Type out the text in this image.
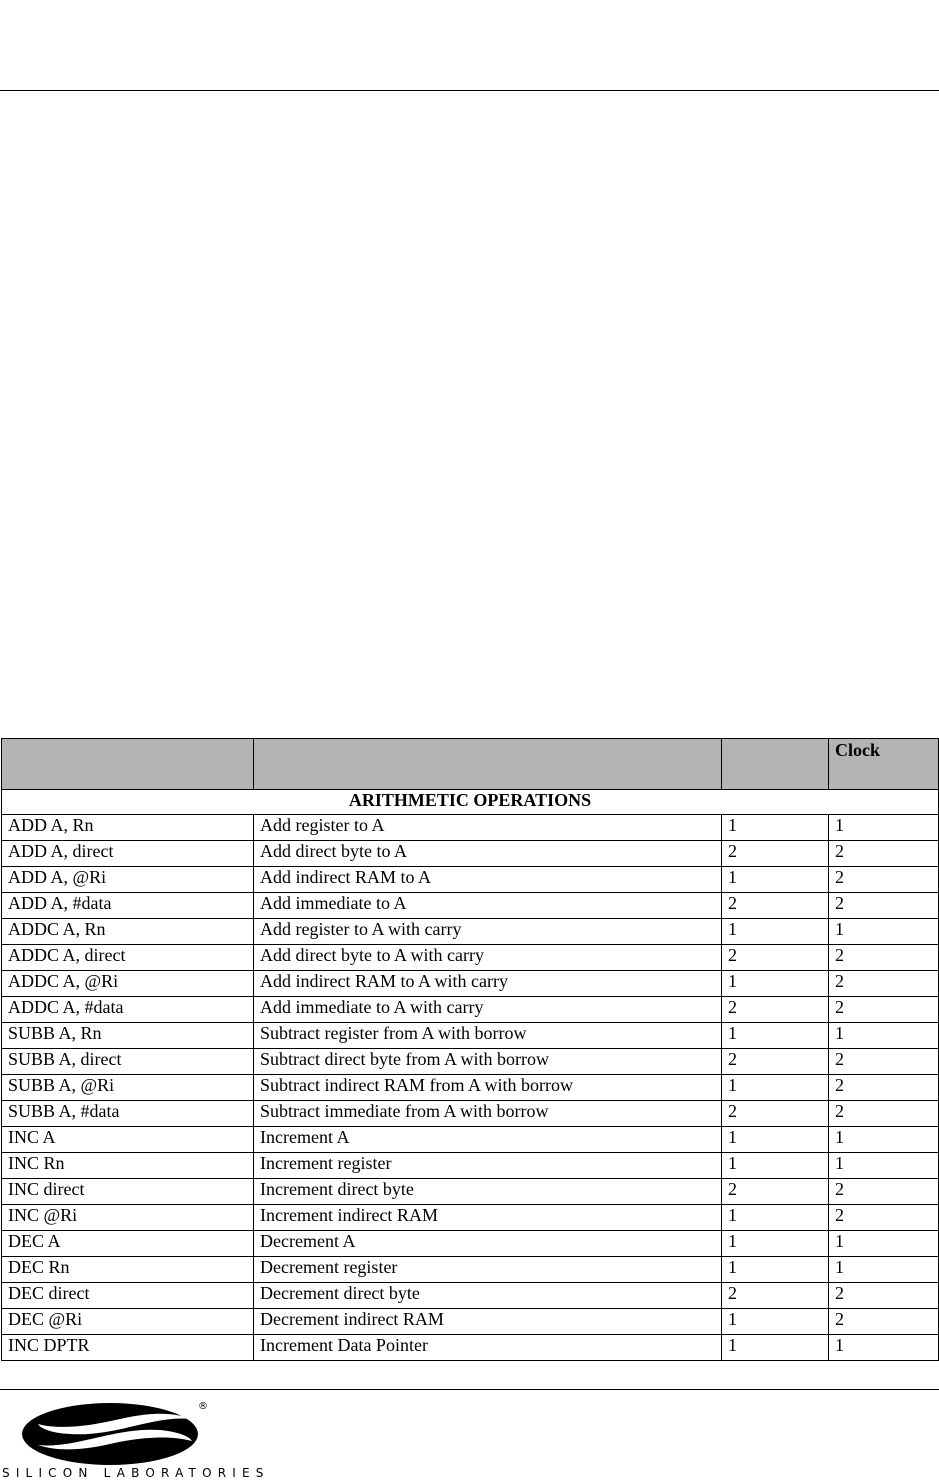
			Clock
ARITHMETIC OPERATIONS			
ADD A, Rn	Add register to A	1	1
ADD A, direct	Add direct byte to A	2	2
ADD A, @Ri	Add indirect RAM to A	1	2
ADD A, #data	Add immediate to A	2	2
ADDC A, Rn	Add register to A with carry	1	1
ADDC A, direct	Add direct byte to A with carry	2	2
ADDC A, @Ri	Add indirect RAM to A with carry	1	2
ADDC A, #data	Add immediate to A with carry	2	2
SUBB A, Rn	Subtract register from A with borrow	1	1
SUBB A, direct	Subtract direct byte from A with borrow	2	2
SUBB A, @Ri	Subtract indirect RAM from A with borrow	1	2
SUBB A, #data	Subtract immediate from A with borrow	2	2
INC A	Increment A	1	1
INC Rn	Increment register	1	1
INC direct	Increment direct byte	2	2
INC @Ri	Increment indirect RAM	1	2
DEC A	Decrement A	1	1
DEC Rn	Decrement register	1	1
DEC direct	Decrement direct byte	2	2
DEC @Ri	Decrement indirect RAM	1	2
INC DPTR	Increment Data Pointer	1	1
®
SILICON LABORATORIES
